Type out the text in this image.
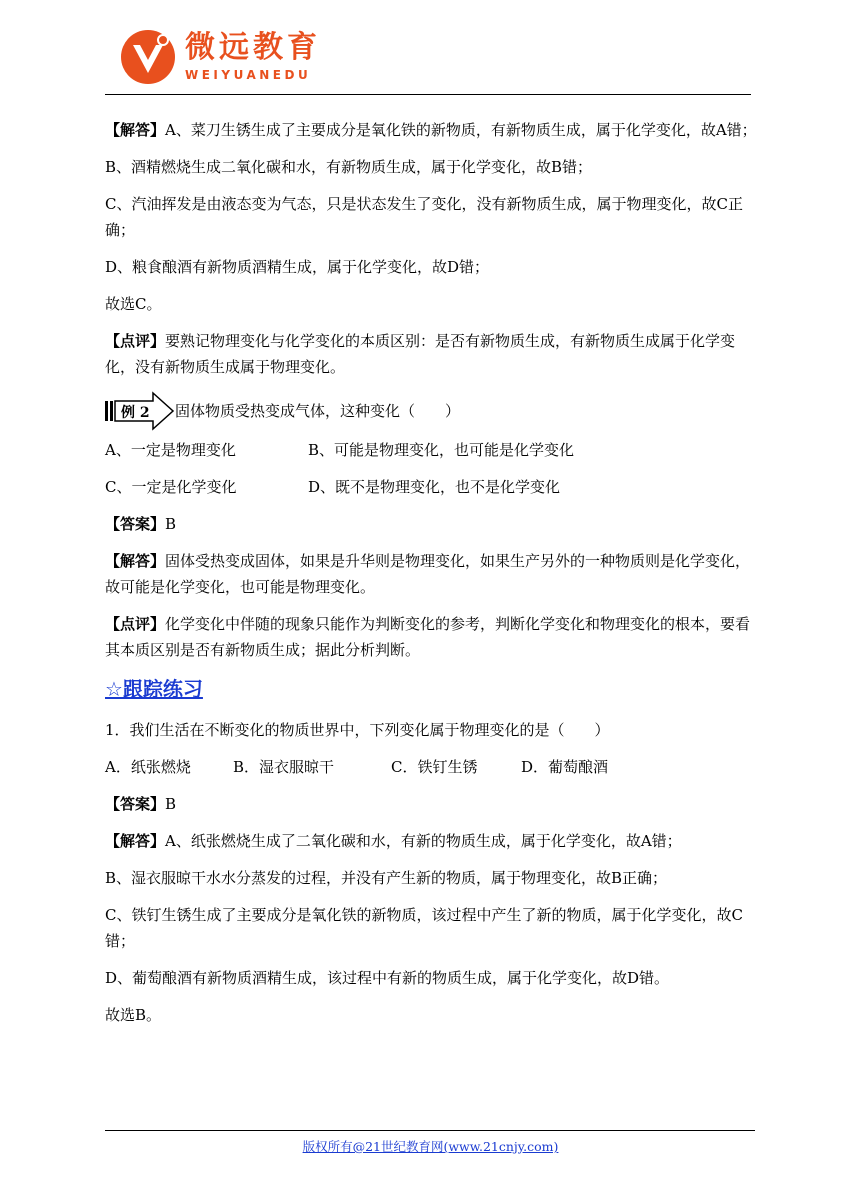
微远教育
WEIYUANEDU

【解答】A、菜刀生锈生成了主要成分是氧化铁的新物质，有新物质生成，属于化学变化，故A错；

B、酒精燃烧生成二氧化碳和水，有新物质生成，属于化学变化，故B错；

C、汽油挥发是由液态变为气态，只是状态发生了变化，没有新物质生成，属于物理变化，故C正确；

D、粮食酿酒有新物质酒精生成，属于化学变化，故D错；

故选C。

【点评】要熟记物理变化与化学变化的本质区别：是否有新物质生成，有新物质生成属于化学变化，没有新物质生成属于物理变化。

例 2 固体物质受热变成气体，这种变化（　　）
A、一定是物理变化	B、可能是物理变化，也可能是化学变化
C、一定是化学变化	D、既不是物理变化，也不是化学变化

【答案】B

【解答】固体受热变成固体，如果是升华则是物理变化，如果生产另外的一种物质则是化学变化，故可能是化学变化，也可能是物理变化。

【点评】化学变化中伴随的现象只能作为判断变化的参考，判断化学变化和物理变化的根本，要看其本质区别是否有新物质生成；据此分析判断。

☆跟踪练习

1．我们生活在不断变化的物质世界中，下列变化属于物理变化的是（　　）

A．纸张燃烧	B．湿衣服晾干	C．铁钉生锈	D．葡萄酿酒

【答案】B

【解答】A、纸张燃烧生成了二氧化碳和水，有新的物质生成，属于化学变化，故A错；

B、湿衣服晾干水水分蒸发的过程，并没有产生新的物质，属于物理变化，故B正确；

C、铁钉生锈生成了主要成分是氧化铁的新物质，该过程中产生了新的物质，属于化学变化，故C错；

D、葡萄酿酒有新物质酒精生成，该过程中有新的物质生成，属于化学变化，故D错。

故选B。

版权所有@21世纪教育网(www.21cnjy.com)
